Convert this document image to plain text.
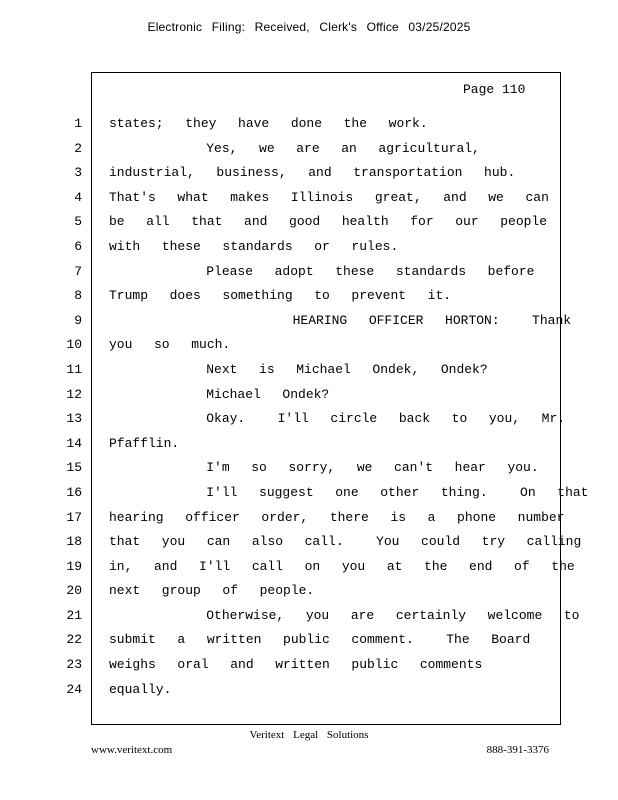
Electronic Filing: Received, Clerk's Office 03/25/2025
Page 110
1
2
3
4
5
6
7
8
9
10
11
12
13
14
15
16
17
18
19
20
21
22
23
24
states;  they  have  done  the  work.
Yes,  we  are  an  agricultural,
industrial,  business,  and  transportation  hub.
That's  what  makes  Illinois  great,  and  we  can
be  all  that  and  good  health  for  our  people
with  these  standards  or  rules.
Please  adopt  these  standards  before
Trump  does  something  to  prevent  it.
HEARING  OFFICER  HORTON:   Thank
you  so  much.
Next  is  Michael  Ondek,  Ondek?
Michael  Ondek?
Okay.   I'll  circle  back  to  you,  Mr.
Pfafflin.
I'm  so  sorry,  we  can't  hear  you.
I'll  suggest  one  other  thing.   On  that
hearing  officer  order,  there  is  a  phone  number
that  you  can  also  call.   You  could  try  calling
in,  and  I'll  call  on  you  at  the  end  of  the
next  group  of  people.
Otherwise,  you  are  certainly  welcome  to
submit  a  written  public  comment.   The  Board
weighs  oral  and  written  public  comments
equally.
Veritext Legal Solutions
www.veritext.com	888-391-3376
